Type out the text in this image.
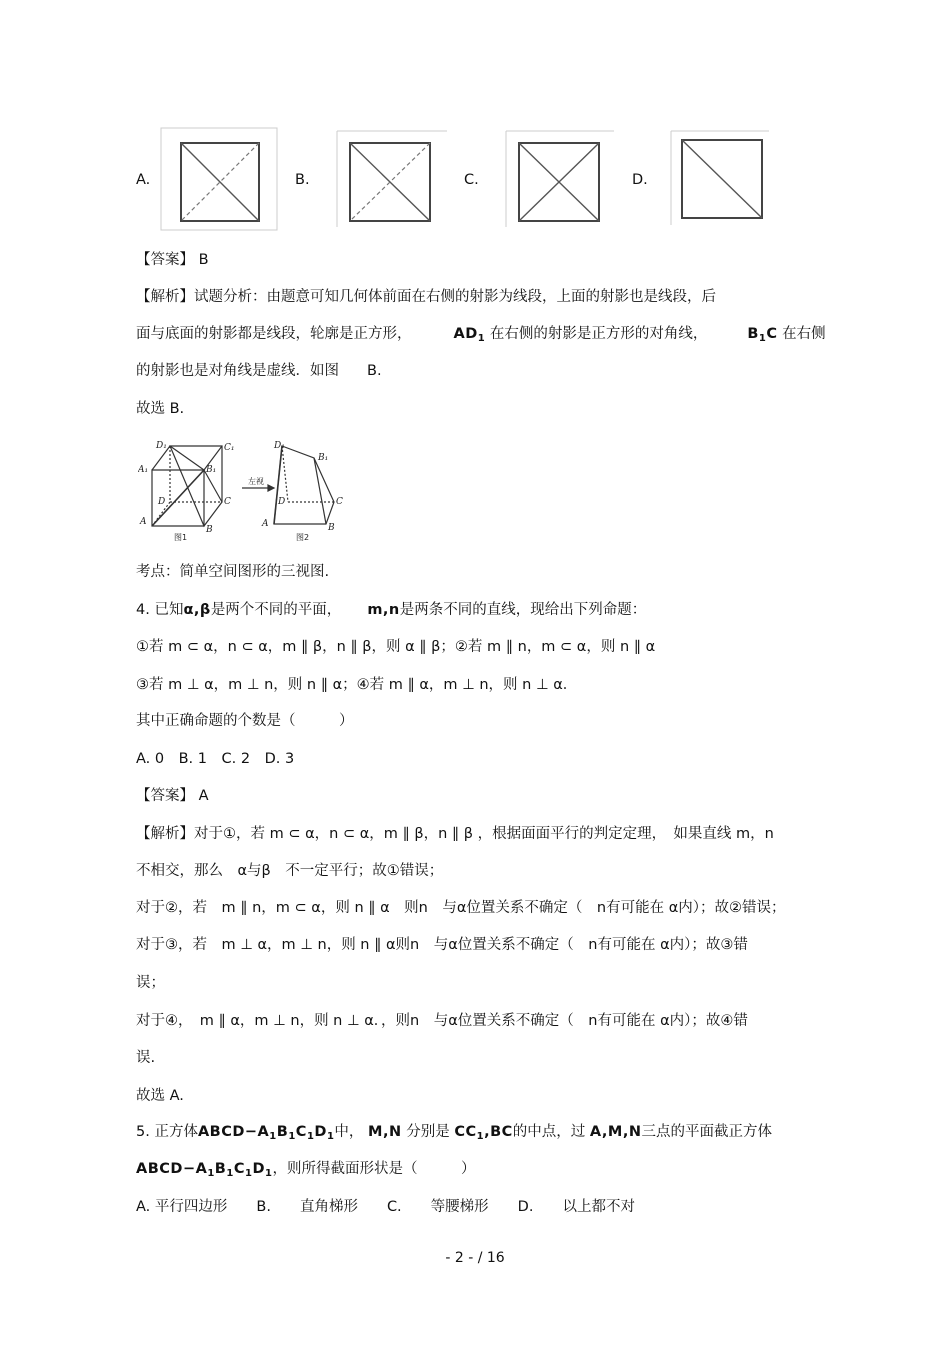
A.	B.	C.	D.
【答案】 B
【解析】试题分析：由题意可知几何体前面在右侧的射影为线段，上面的射影也是线段，后
面与底面的射影都是线段，轮廓是正方形，	$AD_1$ 在右侧的射影是正方形的对角线，	$B_1C$ 在右侧
的射影也是对角线是虚线．如图 B.
故选 B.
D₁	C₁
A₁	B₁
D	C
A
B
D₁
B₁
D	C
A	B
左视
图1	图2
考点：简单空间图形的三视图.
4. 已知α,β是两个不同的平面， m,n是两条不同的直线，现给出下列命题：
①若 m ⊂ α，n ⊂ α，m ∥ β，n ∥ β，则 α ∥ β；②若 m ∥ n，m ⊂ α，则 n ∥ α
③若 m ⊥ α，m ⊥ n，则 n ∥ α；④若 m ∥ α，m ⊥ n，则 n ⊥ α．
其中正确命题的个数是（　　　）
A. 0　B. 1　C. 2　D. 3
【答案】 A
【解析】对于①，若 m ⊂ α，n ⊂ α，m ∥ β，n ∥ β ，根据面面平行的判定定理，　如果直线 m，n
不相交，那么　α与β　不一定平行；故①错误；
对于②，若　m ∥ n，m ⊂ α，则 n ∥ α　则n　与α位置关系不确定（　n有可能在 α内）；故②错误；
对于③，若　m ⊥ α，m ⊥ n，则 n ∥ α则n　与α位置关系不确定（　n有可能在 α内）；故③错
误；
对于④，　m ∥ α，m ⊥ n，则 n ⊥ α．，则n　与α位置关系不确定（　n有可能在 α内）；故④错
误.
故选 A.
5. 正方体$ABCD-A_1B_1C_1D_1$中， M,N 分别是 $CC_1,BC$的中点，过 A,M,N三点的平面截正方体
$ABCD-A_1B_1C_1D_1$，则所得截面形状是（　　　）
A. 平行四边形　　B.　　直角梯形　　C.　　等腰梯形　　D.　　以上都不对
- 2 - / 16
